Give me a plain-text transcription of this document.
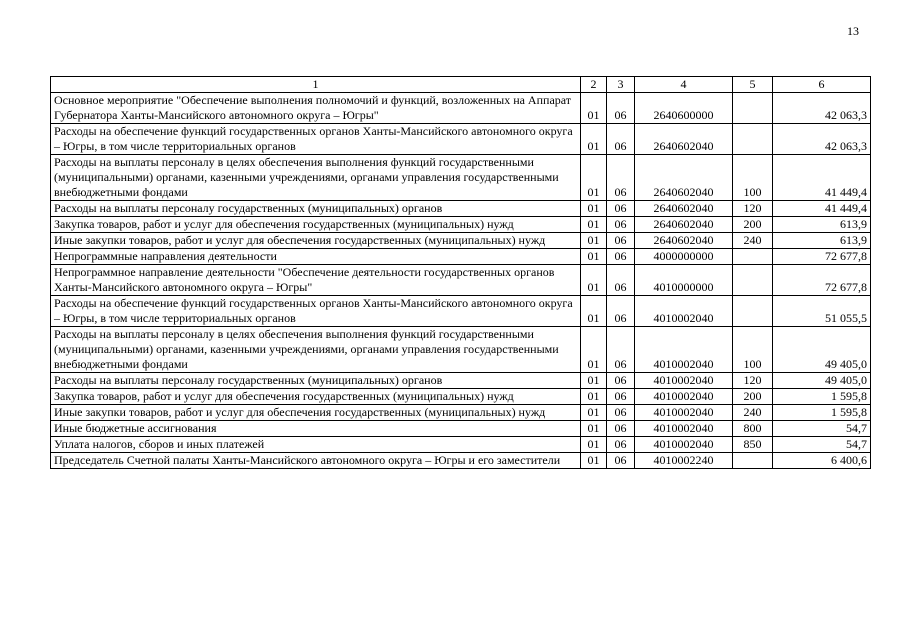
13
1	2	3	4	5	6
Основное мероприятие "Обеспечение выполнения полномочий и функций, возложенных на Аппарат Губернатора Ханты-Мансийского автономного округа – Югры"	01	06	2640600000		42 063,3
Расходы на обеспечение функций государственных органов Ханты-Мансийского автономного округа – Югры, в том числе территориальных органов	01	06	2640602040		42 063,3
Расходы на выплаты персоналу в целях обеспечения выполнения функций государственными (муниципальными) органами, казенными учреждениями, органами управления государственными внебюджетными фондами	01	06	2640602040	100	41 449,4
Расходы на выплаты персоналу государственных (муниципальных) органов	01	06	2640602040	120	41 449,4
Закупка товаров, работ и услуг для обеспечения государственных (муниципальных) нужд	01	06	2640602040	200	613,9
Иные закупки товаров, работ и услуг для обеспечения государственных (муниципальных) нужд	01	06	2640602040	240	613,9
Непрограммные направления деятельности	01	06	4000000000		72 677,8
Непрограммное направление деятельности "Обеспечение деятельности государственных органов Ханты-Мансийского автономного округа – Югры"	01	06	4010000000		72 677,8
Расходы на обеспечение функций государственных органов Ханты-Мансийского автономного округа – Югры, в том числе территориальных органов	01	06	4010002040		51 055,5
Расходы на выплаты персоналу в целях обеспечения выполнения функций государственными (муниципальными) органами, казенными учреждениями, органами управления государственными внебюджетными фондами	01	06	4010002040	100	49 405,0
Расходы на выплаты персоналу государственных (муниципальных) органов	01	06	4010002040	120	49 405,0
Закупка товаров, работ и услуг для обеспечения государственных (муниципальных) нужд	01	06	4010002040	200	1 595,8
Иные закупки товаров, работ и услуг для обеспечения государственных (муниципальных) нужд	01	06	4010002040	240	1 595,8
Иные бюджетные ассигнования	01	06	4010002040	800	54,7
Уплата налогов, сборов и иных платежей	01	06	4010002040	850	54,7
Председатель Счетной палаты Ханты-Мансийского автономного округа – Югры и его заместители	01	06	4010002240		6 400,6
